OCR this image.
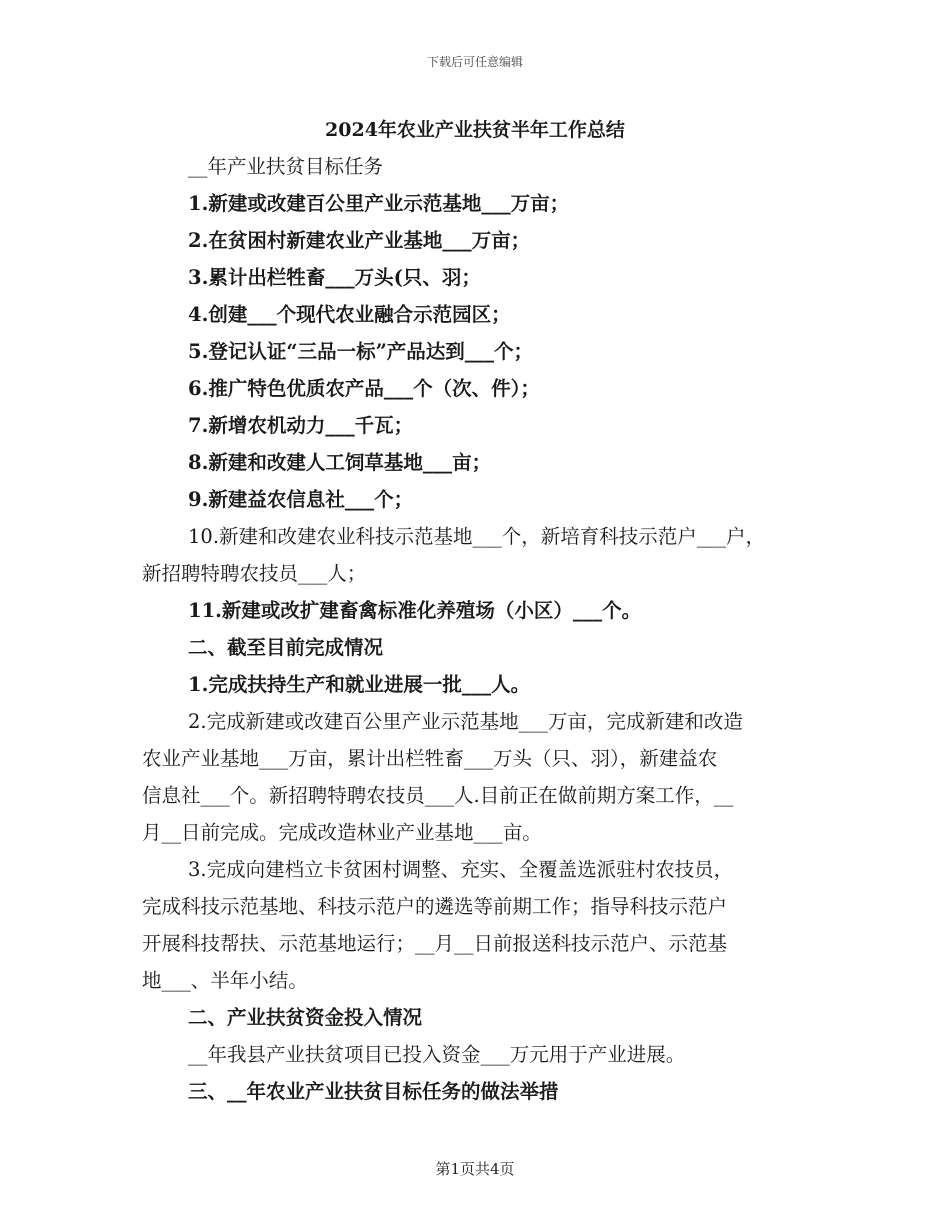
下载后可任意编辑
2024年农业产业扶贫半年工作总结
__年产业扶贫目标任务
1.新建或改建百公里产业示范基地___万亩；
2.在贫困村新建农业产业基地___万亩；
3.累计出栏牲畜___万头(只、羽；
4.创建___个现代农业融合示范园区；
5.登记认证“三品一标”产品达到___个；
6.推广特色优质农产品___个（次、件）；
7.新增农机动力___千瓦；
8.新建和改建人工饲草基地___亩；
9.新建益农信息社___个；
10.新建和改建农业科技示范基地___个，新培育科技示范户___户，
新招聘特聘农技员___人；
11.新建或改扩建畜禽标准化养殖场（小区）___个。
二、截至目前完成情况
1.完成扶持生产和就业进展一批___人。
2.完成新建或改建百公里产业示范基地___万亩，完成新建和改造
农业产业基地___万亩，累计出栏牲畜___万头（只、羽），新建益农
信息社___个。新招聘特聘农技员___人.目前正在做前期方案工作，__
月__日前完成。完成改造林业产业基地___亩。
3.完成向建档立卡贫困村调整、充实、全覆盖选派驻村农技员，
完成科技示范基地、科技示范户的遴选等前期工作；指导科技示范户
开展科技帮扶、示范基地运行；__月__日前报送科技示范户、示范基
地___、半年小结。
二、产业扶贫资金投入情况
__年我县产业扶贫项目已投入资金___万元用于产业进展。
三、__年农业产业扶贫目标任务的做法举措
第1页共4页
